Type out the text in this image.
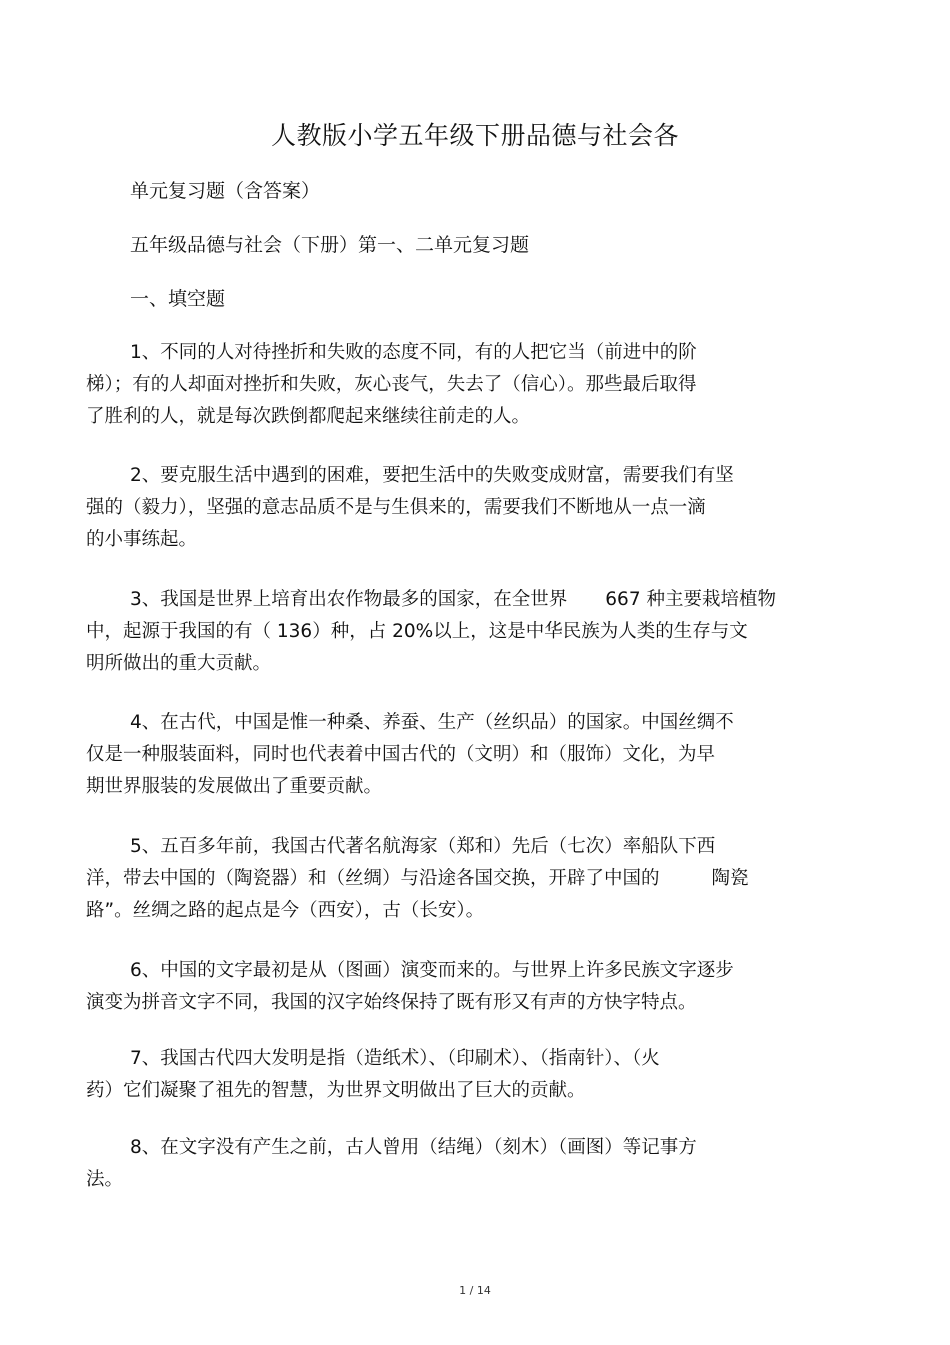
人教版小学五年级下册品德与社会各
单元复习题（含答案）
五年级品德与社会（下册）第一、二单元复习题
一、填空题
1、不同的人对待挫折和失败的态度不同，有的人把它当（前进中的阶
梯）；有的人却面对挫折和失败，灰心丧气，失去了（信心）。那些最后取得
了胜利的人，就是每次跌倒都爬起来继续往前走的人。
2、要克服生活中遇到的困难，要把生活中的失败变成财富，需要我们有坚
强的（毅力），坚强的意志品质不是与生俱来的，需要我们不断地从一点一滴
的小事练起。
3、我国是世界上培育出农作物最多的国家，在全世界 667 种主要栽培植物
中，起源于我国的有（ 136）种，占 20%以上，这是中华民族为人类的生存与文
明所做出的重大贡献。
4、在古代，中国是惟一种桑、养蚕、生产（丝织品）的国家。中国丝绸不
仅是一种服装面料，同时也代表着中国古代的（文明）和（服饰）文化，为早
期世界服装的发展做出了重要贡献。
5、五百多年前，我国古代著名航海家（郑和）先后（七次）率船队下西
洋，带去中国的（陶瓷器）和（丝绸）与沿途各国交换，开辟了中国的	陶瓷
路”。丝绸之路的起点是今（西安），古（长安）。
6、中国的文字最初是从（图画）演变而来的。与世界上许多民族文字逐步
演变为拼音文字不同，我国的汉字始终保持了既有形又有声的方快字特点。
7、我国古代四大发明是指（造纸术）、（印刷术）、（指南针）、（火
药）它们凝聚了祖先的智慧，为世界文明做出了巨大的贡献。
8、在文字没有产生之前，古人曾用（结绳）（刻木）（画图）等记事方
法。
1 / 14
